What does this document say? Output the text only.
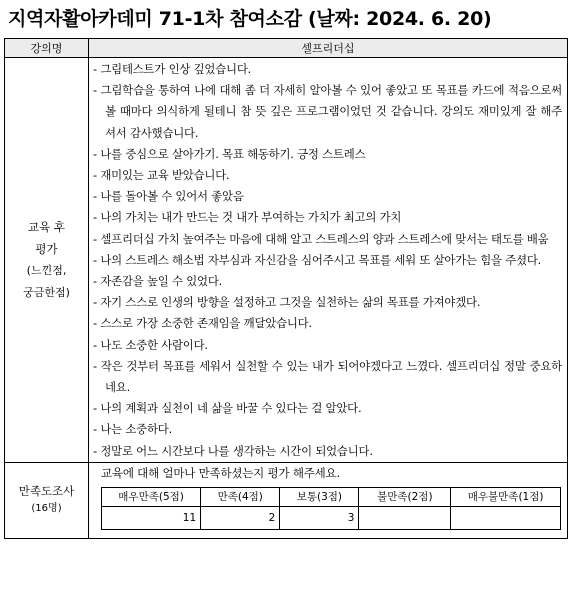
지역자활아카데미 71-1차 참여소감 (날짜: 2024. 6. 20)
강의명	셀프리더십

교육 후
평가
(느낀점,
궁금한점)

- 그림테스트가 인상 깊었습니다.
- 그림학습을 통하여 나에 대해 좀 더 자세히 알아볼 수 있어 좋았고 또 목표를 카드에 적음으로써 볼 때마다 의식하게 될테니 참 뜻 깊은 프로그램이었던 것 같습니다. 강의도 재미있게 잘 해주셔서 감사했습니다.
- 나를 중심으로 살아가기. 목표 해동하기. 긍정 스트레스
- 재미있는 교육 받았습니다.
- 나를 돌아볼 수 있어서 좋았음
- 나의 가치는 내가 만드는 것 내가 부여하는 가치가 최고의 가치
- 셀프리더십 가치 높여주는 마음에 대해 알고 스트레스의 양과 스트레스에 맞서는 태도를 배움
- 나의 스트레스 해소법 자부심과 자신감을 심어주시고 목표를 세워 또 살아가는 힘을 주셨다.
- 자존감을 높일 수 있었다.
- 자기 스스로 인생의 방향을 설정하고 그것을 실천하는 삶의 목표를 가져야겠다.
- 스스로 가장 소중한 존재임을 깨달았습니다.
- 나도 소중한 사람이다.
- 작은 것부터 목표를 세워서 실천할 수 있는 내가 되어야겠다고 느꼈다. 셀프리더십 정말 중요하네요.
- 나의 계획과 실천이 네 삶을 바꿀 수 있다는 걸 알았다.
- 나는 소중하다.
- 정말로 어느 시간보다 나를 생각하는 시간이 되었습니다.

만족도조사
(16명)

교육에 대해 얼마나 만족하셨는지 평가 해주세요.
매우만족(5점)	만족(4점)	보통(3점)	불만족(2점)	매우불만족(1점)
11	2	3		
